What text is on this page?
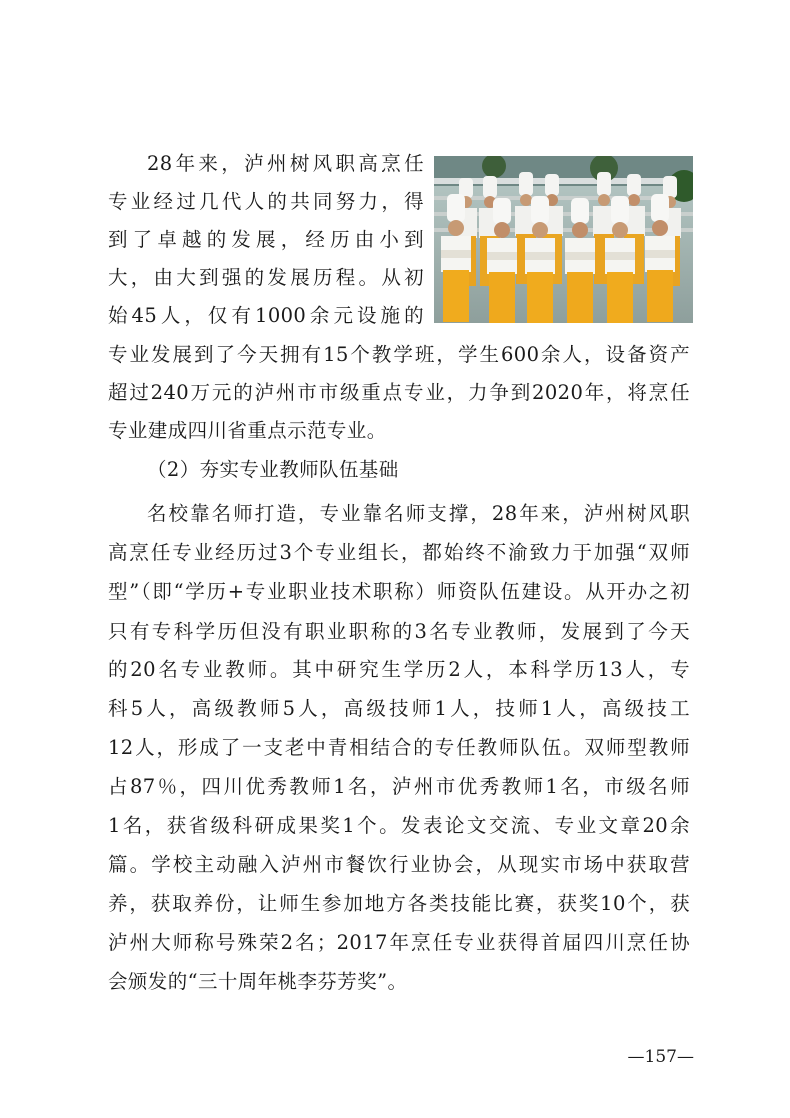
28年来，泸州树风职高烹任
专业经过几代人的共同努力，得
到了卓越的发展，经历由小到
大，由大到强的发展历程。从初
始45人，仅有1000余元设施的
专业发展到了今天拥有15个教学班，学生600余人，设备资产
超过240万元的泸州市市级重点专业，力争到2020年，将烹任
专业建成四川省重点示范专业。
（2）夯实专业教师队伍基础
名校靠名师打造，专业靠名师支撑，28年来，泸州树风职
高烹任专业经历过3个专业组长，都始终不渝致力于加强“双师
型”（即“学历+专业职业技术职称）师资队伍建设。从开办之初
只有专科学历但没有职业职称的3名专业教师，发展到了今天
的20名专业教师。其中研究生学历2人，本科学历13人，专
科5人，高级教师5人，高级技师1人，技师1人，高级技工
12人，形成了一支老中青相结合的专任教师队伍。双师型教师
占87％，四川优秀教师1名，泸州市优秀教师1名，市级名师
1名，获省级科研成果奖1个。发表论文交流、专业文章20余
篇。学校主动融入泸州市餐饮行业协会，从现实市场中获取营
养，获取养份，让师生参加地方各类技能比赛，获奖10个，获
泸州大师称号殊荣2名；2017年烹任专业获得首届四川烹任协
会颁发的“三十周年桃李芬芳奖”。
—157—
